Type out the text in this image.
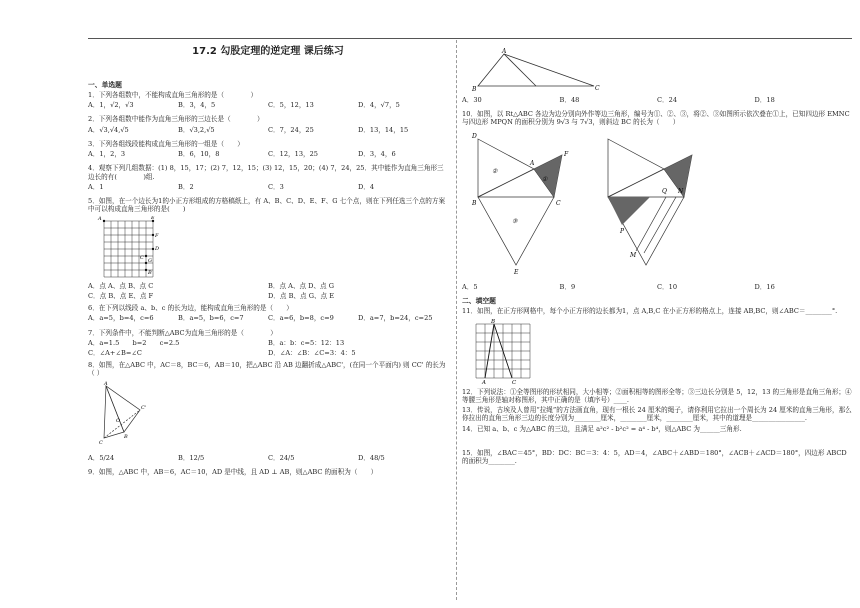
17.2 勾股定理的逆定理 课后练习
一、单选题
1．下列各组数中，不能构成直角三角形的是（　　　　）
A．1，√2，√3	B．3，4，5	C．5，12，13	D．4，√7，5
2．下列各组数中能作为直角三角形的三边长是（　　　　）
A．√3,√4,√5	B．√3,2,√5	C．7，24，25	D．13，14，15
3．下列各组线段能构成直角三角形的一组是（　　）
A．1，2，3	B．6，10，8	C．12，13，25	D．3，4，6
4．观察下列几组数据：(1) 8，15，17；(2) 7，12，15；(3) 12，15，20；(4) 7，24，25．其中能作为直角三角形三边长的有(　　　　)组.
A．1	B．2	C．3	D．4
5．如图，在一个边长为1的小正方形组成的方格稿纸上，有 A、B、C、D、E、F、G 七个点，则在下列任选三个点的方案中可以构成直角三角形的是(　　)
A	E
F
D
G
C
B
A．点 A、点 B、点 C	B．点 A、点 D、点 G
C．点 B、点 E、点 F	D．点 B、点 G、点 E
6．在下列以线段 a、b、c 的长为边，能构成直角三角形的是（　　）
A．a=5，b=4，c=6	B．a=5，b=6，c=7	C．a=6，b=8，c=9	D．a=7，b=24，c=25
7．下列条件中，不能判断△ABC为直角三角形的是（　　　　）
A．a=1.5　　b=2　　c=2.5	B．a：b：c=5：12：13
C．∠A+∠B=∠C	D．∠A：∠B：∠C=3：4：5
8．如图，在△ABC 中，AC＝8，BC＝6，AB＝10，把△ABC 沿 AB 边翻折成△ABC'，(在同一个平面内) 则 CC' 的长为（ ）
A
C'
O
C
B
A．5/24	B．12/5	C．24/5	D．48/5
9．如图，△ABC 中，AB＝6，AC＝10，AD 是中线，且 AD ⊥ AB，则△ABC 的面积为（　　）
A
B	C
A．30	B．48	C．24	D．18
10．如图，以 Rt△ABC 各边为边分别向外作等边三角形，编号为①、②、③，将②、③如图所示依次叠在①上，已知四边形 EMNC 与四边形 MPQN 的面积分别为 9√3 与 7√3，则斜边 BC 的长为（　　）
D
A
F
B	C
E
Q
P
N
M
①
②
③
A．5	B．9	C．10	D．16
二、填空题
11．如图，在正方形网格中，每个小正方形的边长都为1，点 A,B,C 在小正方形的格点上，连接 AB,BC，则∠ABC＝________°.
A
B
C
12．下列说法：①全等图形的形状相同，大小相等；②面积相等的图形全等；③三边长分别是 5，12，13 的三角形是直角三角形；④等腰三角形是轴对称图形，其中正确的是（填序号）____.
13．传说，古埃及人曾用“拉绳”的方法画直角，现有一根长 24 厘米的绳子，请你利用它拉出一个周长为 24 厘米的直角三角形，那么你拉出的直角三角形三边的长度分别为________厘米，________厘米，________厘米，其中的道理是________________.
14．已知 a、b、c 为△ABC 的三边，且满足 a²c² - b²c² = a⁴ - b⁴，则△ABC 为______三角形.
15．如图，∠BAC＝45°，BD：DC：BC＝3：4：5，AD＝4，∠ABC＋∠ABD＝180°，∠ACB＋∠ACD＝180°，四边形 ABCD 的面积为________.
